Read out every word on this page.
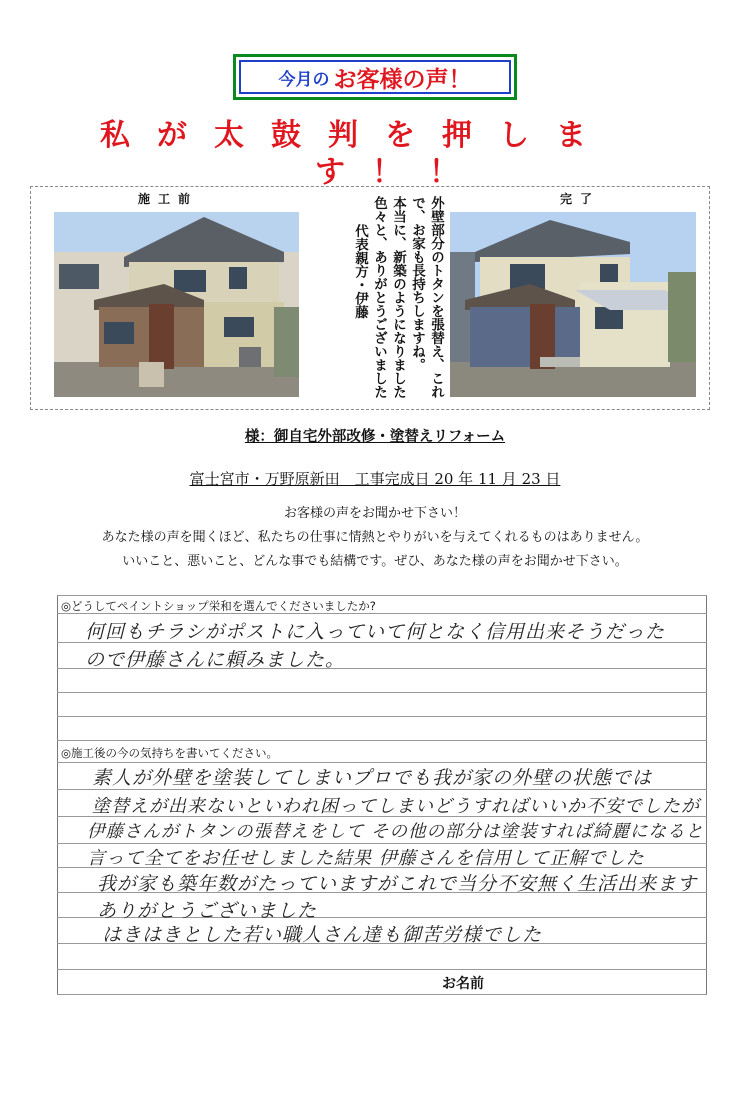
今月の お客様の声！
私が太鼓判を押しま
す！！
施工前	完了
外壁部分のトタンを張替え、これ
で、お家も長持ちしますね。
本当に、新築のようになりました
色々と、ありがとうございました

代表親方・伊藤
様：御自宅外部改修・塗替えリフォーム
富士宮市・万野原新田　工事完成日 20 年 11 月 23 日
お客様の声をお聞かせ下さい！
あなた様の声を聞くほど、私たちの仕事に情熱とやりがいを与えてくれるものはありません。
いいこと、悪いこと、どんな事でも結構です。ぜひ、あなた様の声をお聞かせ下さい。
◎どうしてペイントショップ栄和を選んでくださいましたか?
何回もチラシがポストに入っていて何となく信用出来そうだった
ので伊藤さんに頼みました。
◎施工後の今の気持ちを書いてください。
素人が外壁を塗装してしまいプロでも我が家の外壁の状態では
塗替えが出来ないといわれ困ってしまいどうすればいいか不安でしたが
伊藤さんがトタンの張替えをして その他の部分は塗装すれば綺麗になると
言って全てをお任せしました結果 伊藤さんを信用して正解でした
我が家も築年数がたっていますがこれで当分不安無く生活出来ます
ありがとうございました
はきはきとした若い職人さん達も御苦労様でした
お名前
